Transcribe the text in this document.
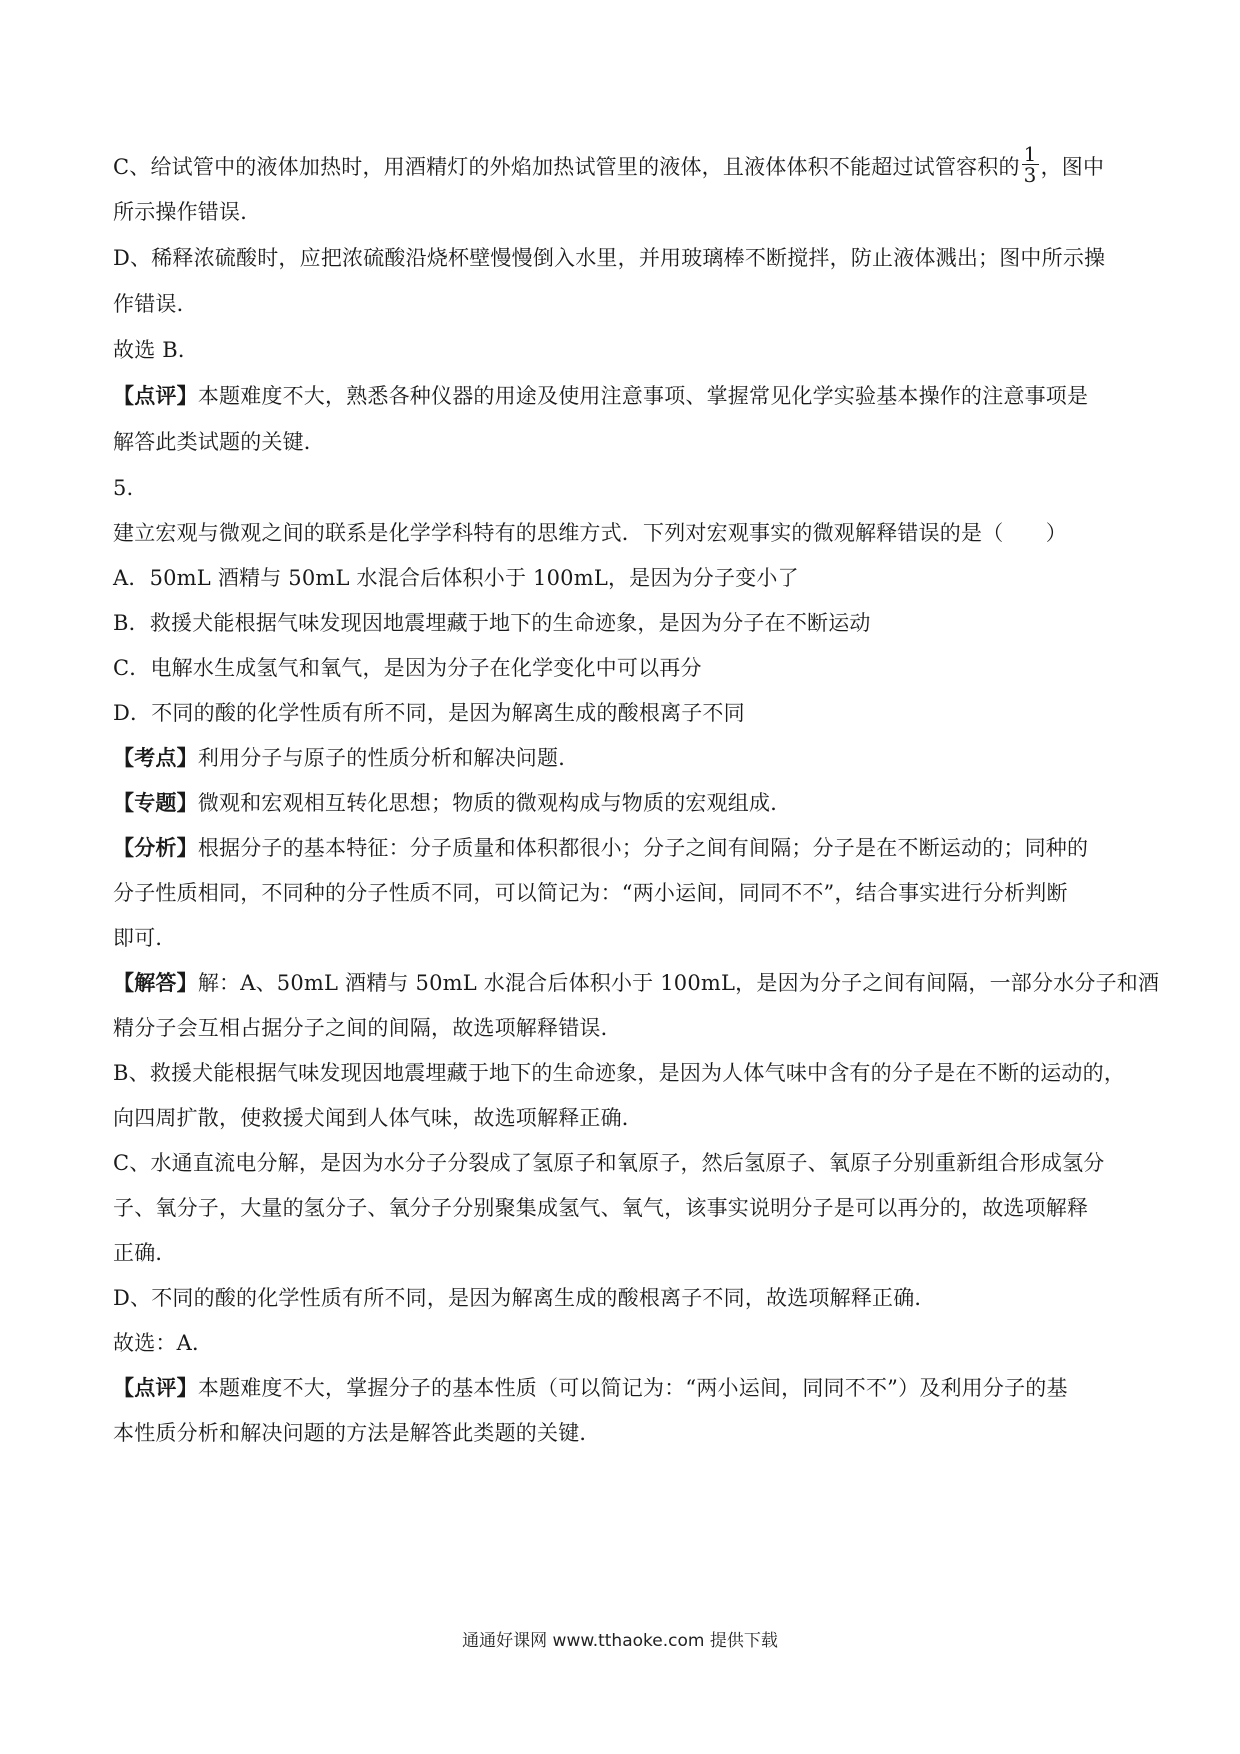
C、给试管中的液体加热时，用酒精灯的外焰加热试管里的液体，且液体体积不能超过试管容积的 $\frac{1}{3}$ ，图中
所示操作错误．
D、稀释浓硫酸时，应把浓硫酸沿烧杯壁慢慢倒入水里，并用玻璃棒不断搅拌，防止液体溅出；图中所示操
作错误．
故选 B．
【点评】本题难度不大，熟悉各种仪器的用途及使用注意事项、掌握常见化学实验基本操作的注意事项是
解答此类试题的关键．
5.
建立宏观与微观之间的联系是化学学科特有的思维方式．下列对宏观事实的微观解释错误的是（　　）
A．50mL 酒精与 50mL 水混合后体积小于 100mL，是因为分子变小了
B．救援犬能根据气味发现因地震埋藏于地下的生命迹象，是因为分子在不断运动
C．电解水生成氢气和氧气，是因为分子在化学变化中可以再分
D．不同的酸的化学性质有所不同，是因为解离生成的酸根离子不同
【考点】利用分子与原子的性质分析和解决问题．
【专题】微观和宏观相互转化思想；物质的微观构成与物质的宏观组成．
【分析】根据分子的基本特征：分子质量和体积都很小；分子之间有间隔；分子是在不断运动的；同种的
分子性质相同，不同种的分子性质不同，可以简记为：“两小运间，同同不不”，结合事实进行分析判断
即可．
【解答】解：A、50mL 酒精与 50mL 水混合后体积小于 100mL，是因为分子之间有间隔，一部分水分子和酒
精分子会互相占据分子之间的间隔，故选项解释错误．
B、救援犬能根据气味发现因地震埋藏于地下的生命迹象，是因为人体气味中含有的分子是在不断的运动的，
向四周扩散，使救援犬闻到人体气味，故选项解释正确．
C、水通直流电分解，是因为水分子分裂成了氢原子和氧原子，然后氢原子、氧原子分别重新组合形成氢分
子、氧分子，大量的氢分子、氧分子分别聚集成氢气、氧气，该事实说明分子是可以再分的，故选项解释
正确．
D、不同的酸的化学性质有所不同，是因为解离生成的酸根离子不同，故选项解释正确．
故选：A．
【点评】本题难度不大，掌握分子的基本性质（可以简记为：“两小运间，同同不不”）及利用分子的基
本性质分析和解决问题的方法是解答此类题的关键．
通通好课网 www.tthaoke.com 提供下载
